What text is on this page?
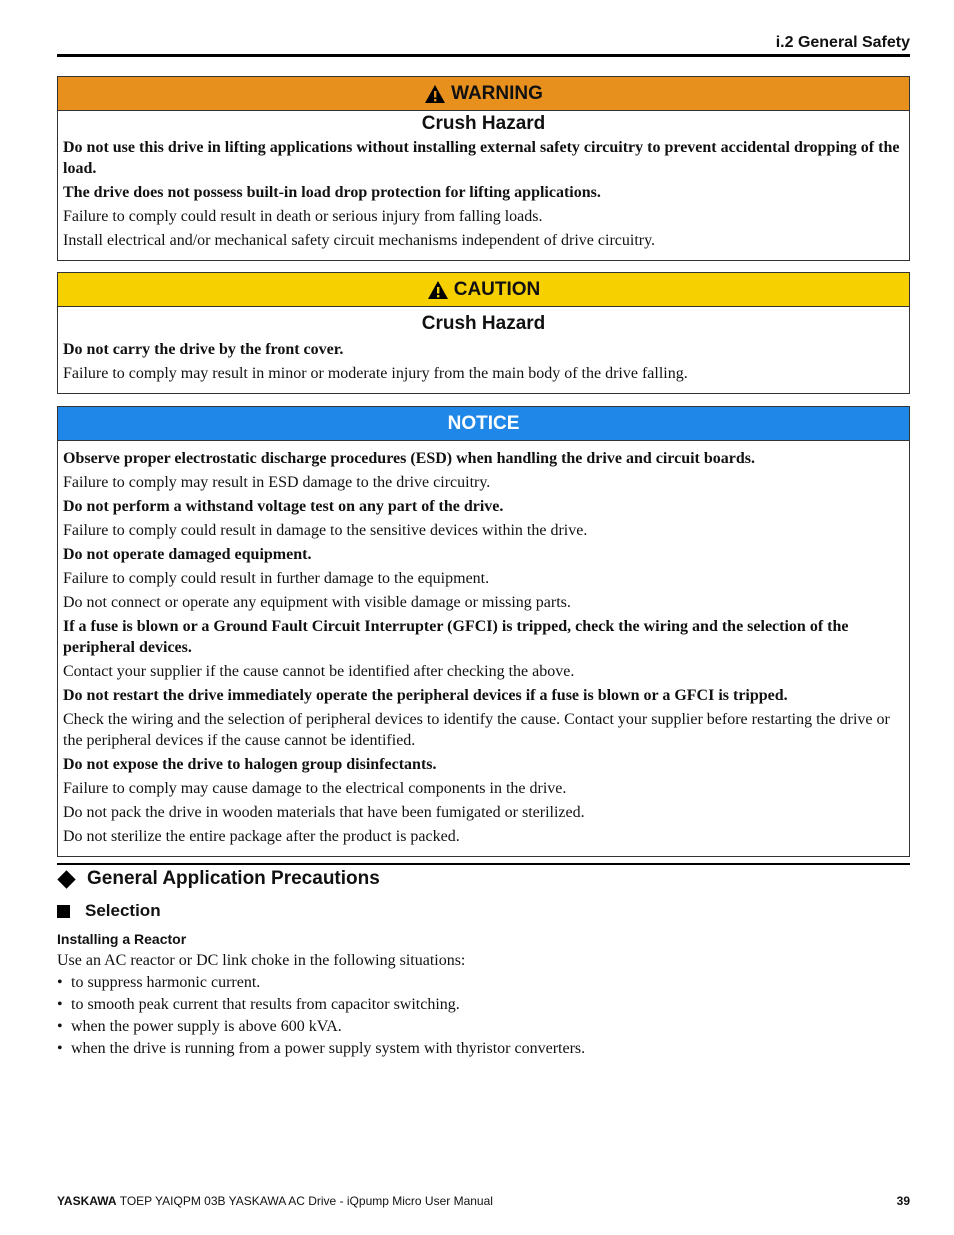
i.2 General Safety
WARNING
Crush Hazard

Do not use this drive in lifting applications without installing external safety circuitry to prevent accidental dropping of the load.

The drive does not possess built-in load drop protection for lifting applications.

Failure to comply could result in death or serious injury from falling loads.

Install electrical and/or mechanical safety circuit mechanisms independent of drive circuitry.

CAUTION
Crush Hazard

Do not carry the drive by the front cover.

Failure to comply may result in minor or moderate injury from the main body of the drive falling.

NOTICE

Observe proper electrostatic discharge procedures (ESD) when handling the drive and circuit boards.

Failure to comply may result in ESD damage to the drive circuitry.

Do not perform a withstand voltage test on any part of the drive.

Failure to comply could result in damage to the sensitive devices within the drive.

Do not operate damaged equipment.

Failure to comply could result in further damage to the equipment.

Do not connect or operate any equipment with visible damage or missing parts.

If a fuse is blown or a Ground Fault Circuit Interrupter (GFCI) is tripped, check the wiring and the selection of the peripheral devices.

Contact your supplier if the cause cannot be identified after checking the above.

Do not restart the drive immediately operate the peripheral devices if a fuse is blown or a GFCI is tripped.

Check the wiring and the selection of peripheral devices to identify the cause. Contact your supplier before restarting the drive or the peripheral devices if the cause cannot be identified.

Do not expose the drive to halogen group disinfectants.

Failure to comply may cause damage to the electrical components in the drive.

Do not pack the drive in wooden materials that have been fumigated or sterilized.

Do not sterilize the entire package after the product is packed.

General Application Precautions
Selection
Installing a Reactor
Use an AC reactor or DC link choke in the following situations:
• to suppress harmonic current.
• to smooth peak current that results from capacitor switching.
• when the power supply is above 600 kVA.
• when the drive is running from a power supply system with thyristor converters.
YASKAWA TOEP YAIQPM 03B YASKAWA AC Drive - iQpump Micro User Manual	39
